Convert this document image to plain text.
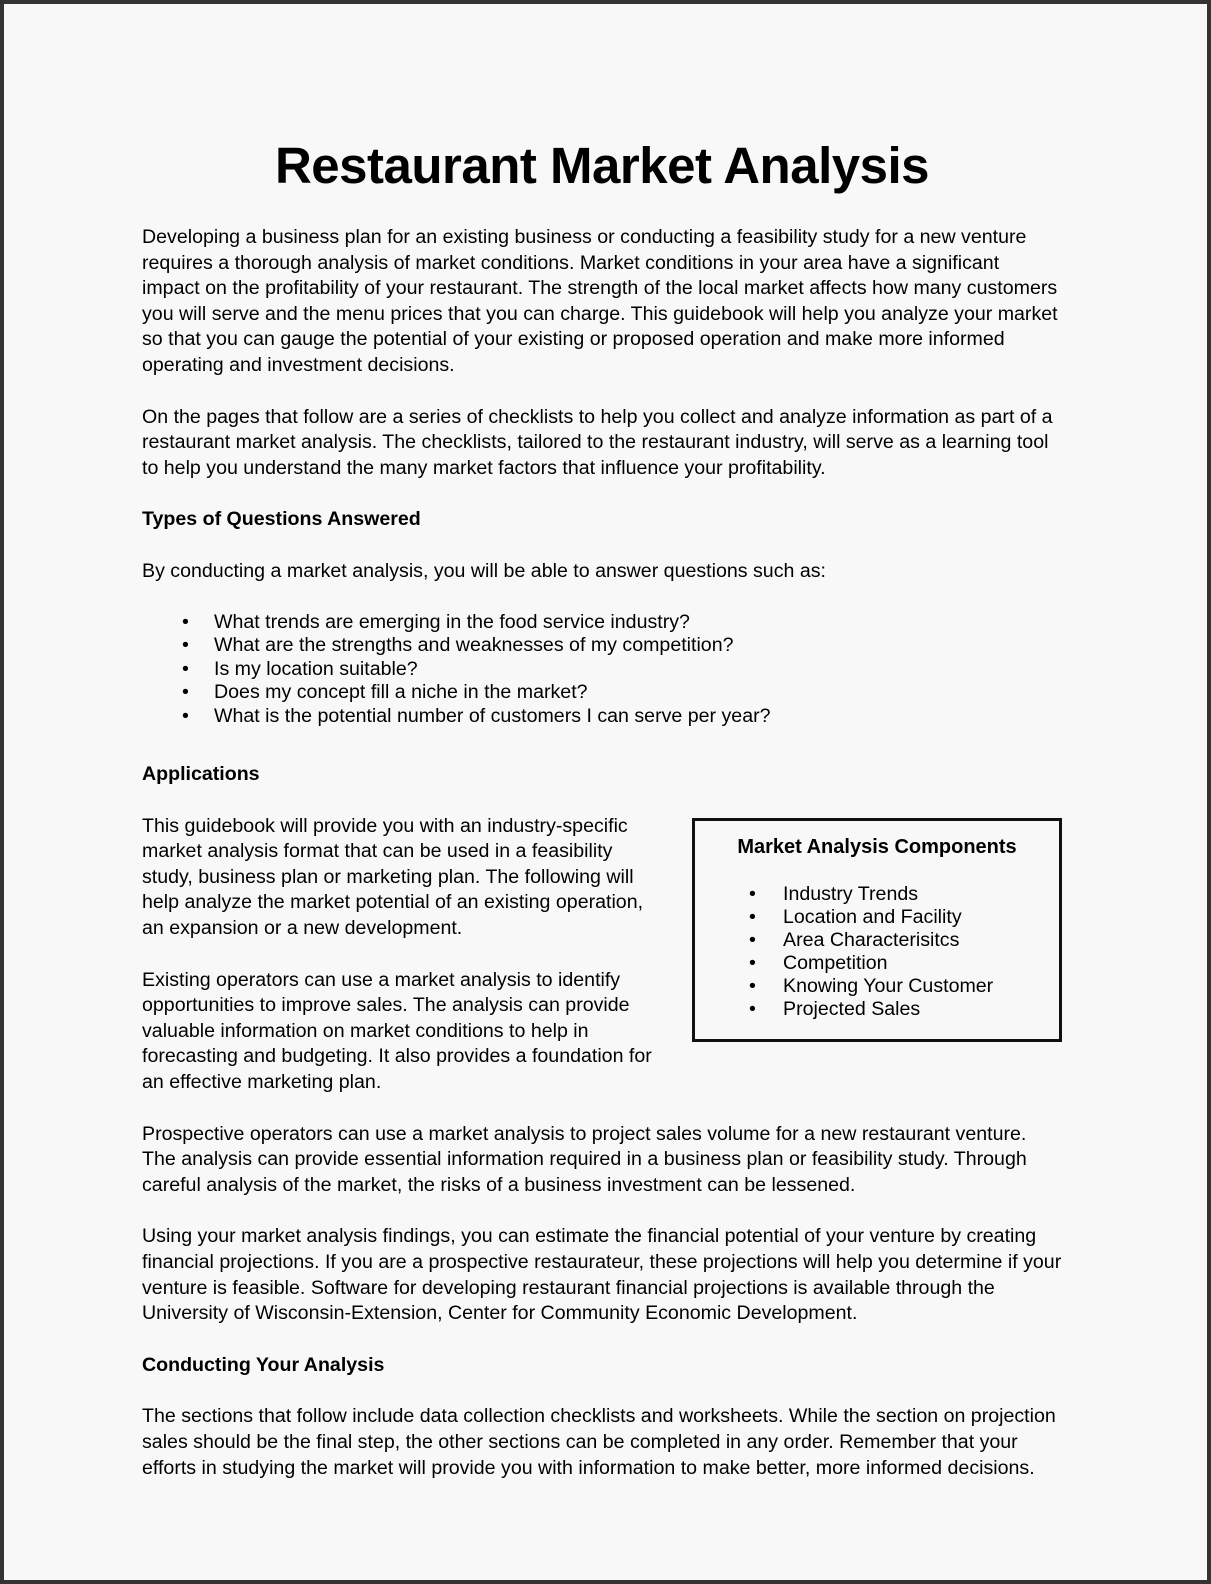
Restaurant Market Analysis

Developing a business plan for an existing business or conducting a feasibility study for a new venture requires a thorough analysis of market conditions. Market conditions in your area have a significant impact on the profitability of your restaurant. The strength of the local market affects how many customers you will serve and the menu prices that you can charge. This guidebook will help you analyze your market so that you can gauge the potential of your existing or proposed operation and make more informed operating and investment decisions.

On the pages that follow are a series of checklists to help you collect and analyze information as part of a restaurant market analysis. The checklists, tailored to the restaurant industry, will serve as a learning tool to help you understand the many market factors that influence your profitability.

Types of Questions Answered

By conducting a market analysis, you will be able to answer questions such as:

• What trends are emerging in the food service industry?
• What are the strengths and weaknesses of my competition?
• Is my location suitable?
• Does my concept fill a niche in the market?
• What is the potential number of customers I can serve per year?
Applications
Market Analysis Components
• Industry Trends
• Location and Facility
• Area Characterisitcs
• Competition
• Knowing Your Customer
• Projected Sales

This guidebook will provide you with an industry-specific market analysis format that can be used in a feasibility study, business plan or marketing plan. The following will help analyze the market potential of an existing operation, an expansion or a new development.

Existing operators can use a market analysis to identify opportunities to improve sales. The analysis can provide valuable information on market conditions to help in forecasting and budgeting. It also provides a foundation for an effective marketing plan.

Prospective operators can use a market analysis to project sales volume for a new restaurant venture. The analysis can provide essential information required in a business plan or feasibility study. Through careful analysis of the market, the risks of a business investment can be lessened.

Using your market analysis findings, you can estimate the financial potential of your venture by creating financial projections. If you are a prospective restaurateur, these projections will help you determine if your venture is feasible. Software for developing restaurant financial projections is available through the University of Wisconsin-Extension, Center for Community Economic Development.

Conducting Your Analysis

The sections that follow include data collection checklists and worksheets. While the section on projection sales should be the final step, the other sections can be completed in any order. Remember that your efforts in studying the market will provide you with information to make better, more informed decisions.
